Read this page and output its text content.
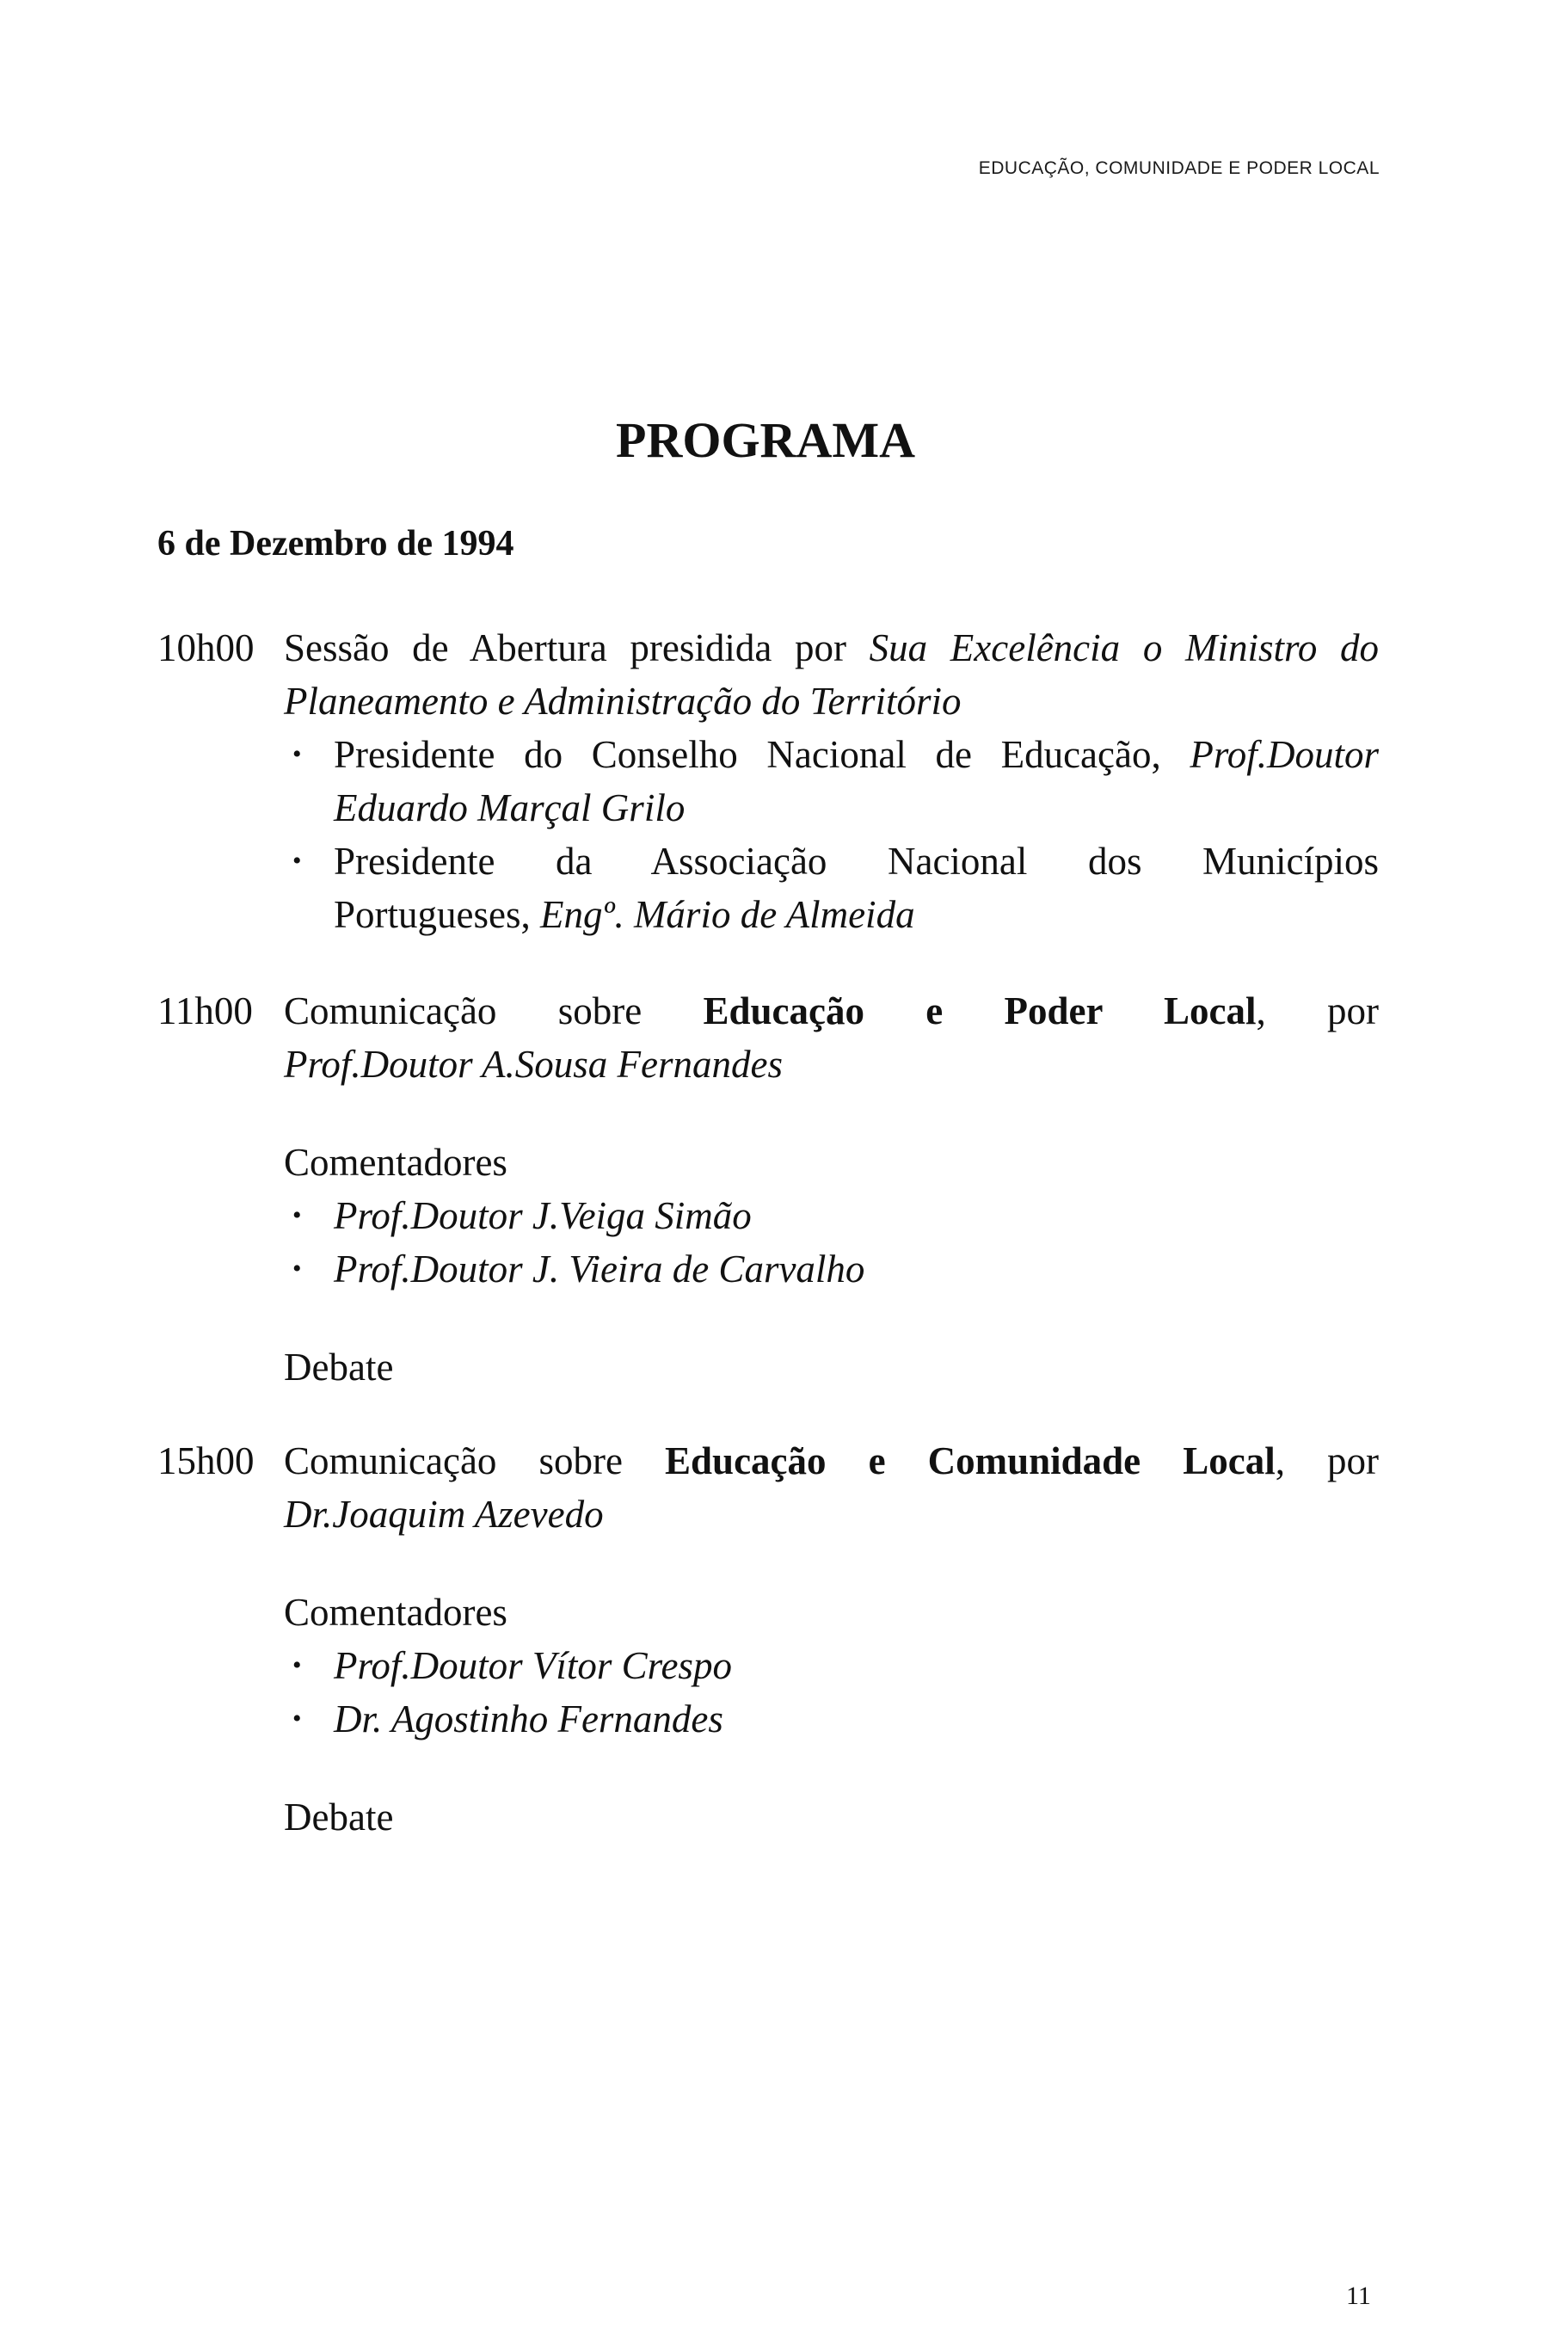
EDUCAÇÃO, COMUNIDADE E PODER LOCAL
PROGRAMA
6 de Dezembro de 1994
10h00 Sessão de Abertura presidida por Sua Excelência o Ministro do
Planeamento e Administração do Território
• Presidente do Conselho Nacional de Educação, Prof.Doutor
Eduardo Marçal Grilo
• Presidente da Associação Nacional dos Municípios
Portugueses, Engº. Mário de Almeida
11h00 Comunicação sobre Educação e Poder Local, por
Prof.Doutor A.Sousa Fernandes
Comentadores
• Prof.Doutor J.Veiga Simão
• Prof.Doutor J. Vieira de Carvalho
Debate
15h00 Comunicação sobre Educação e Comunidade Local, por
Dr.Joaquim Azevedo
Comentadores
• Prof.Doutor Vítor Crespo
• Dr. Agostinho Fernandes
Debate
11
